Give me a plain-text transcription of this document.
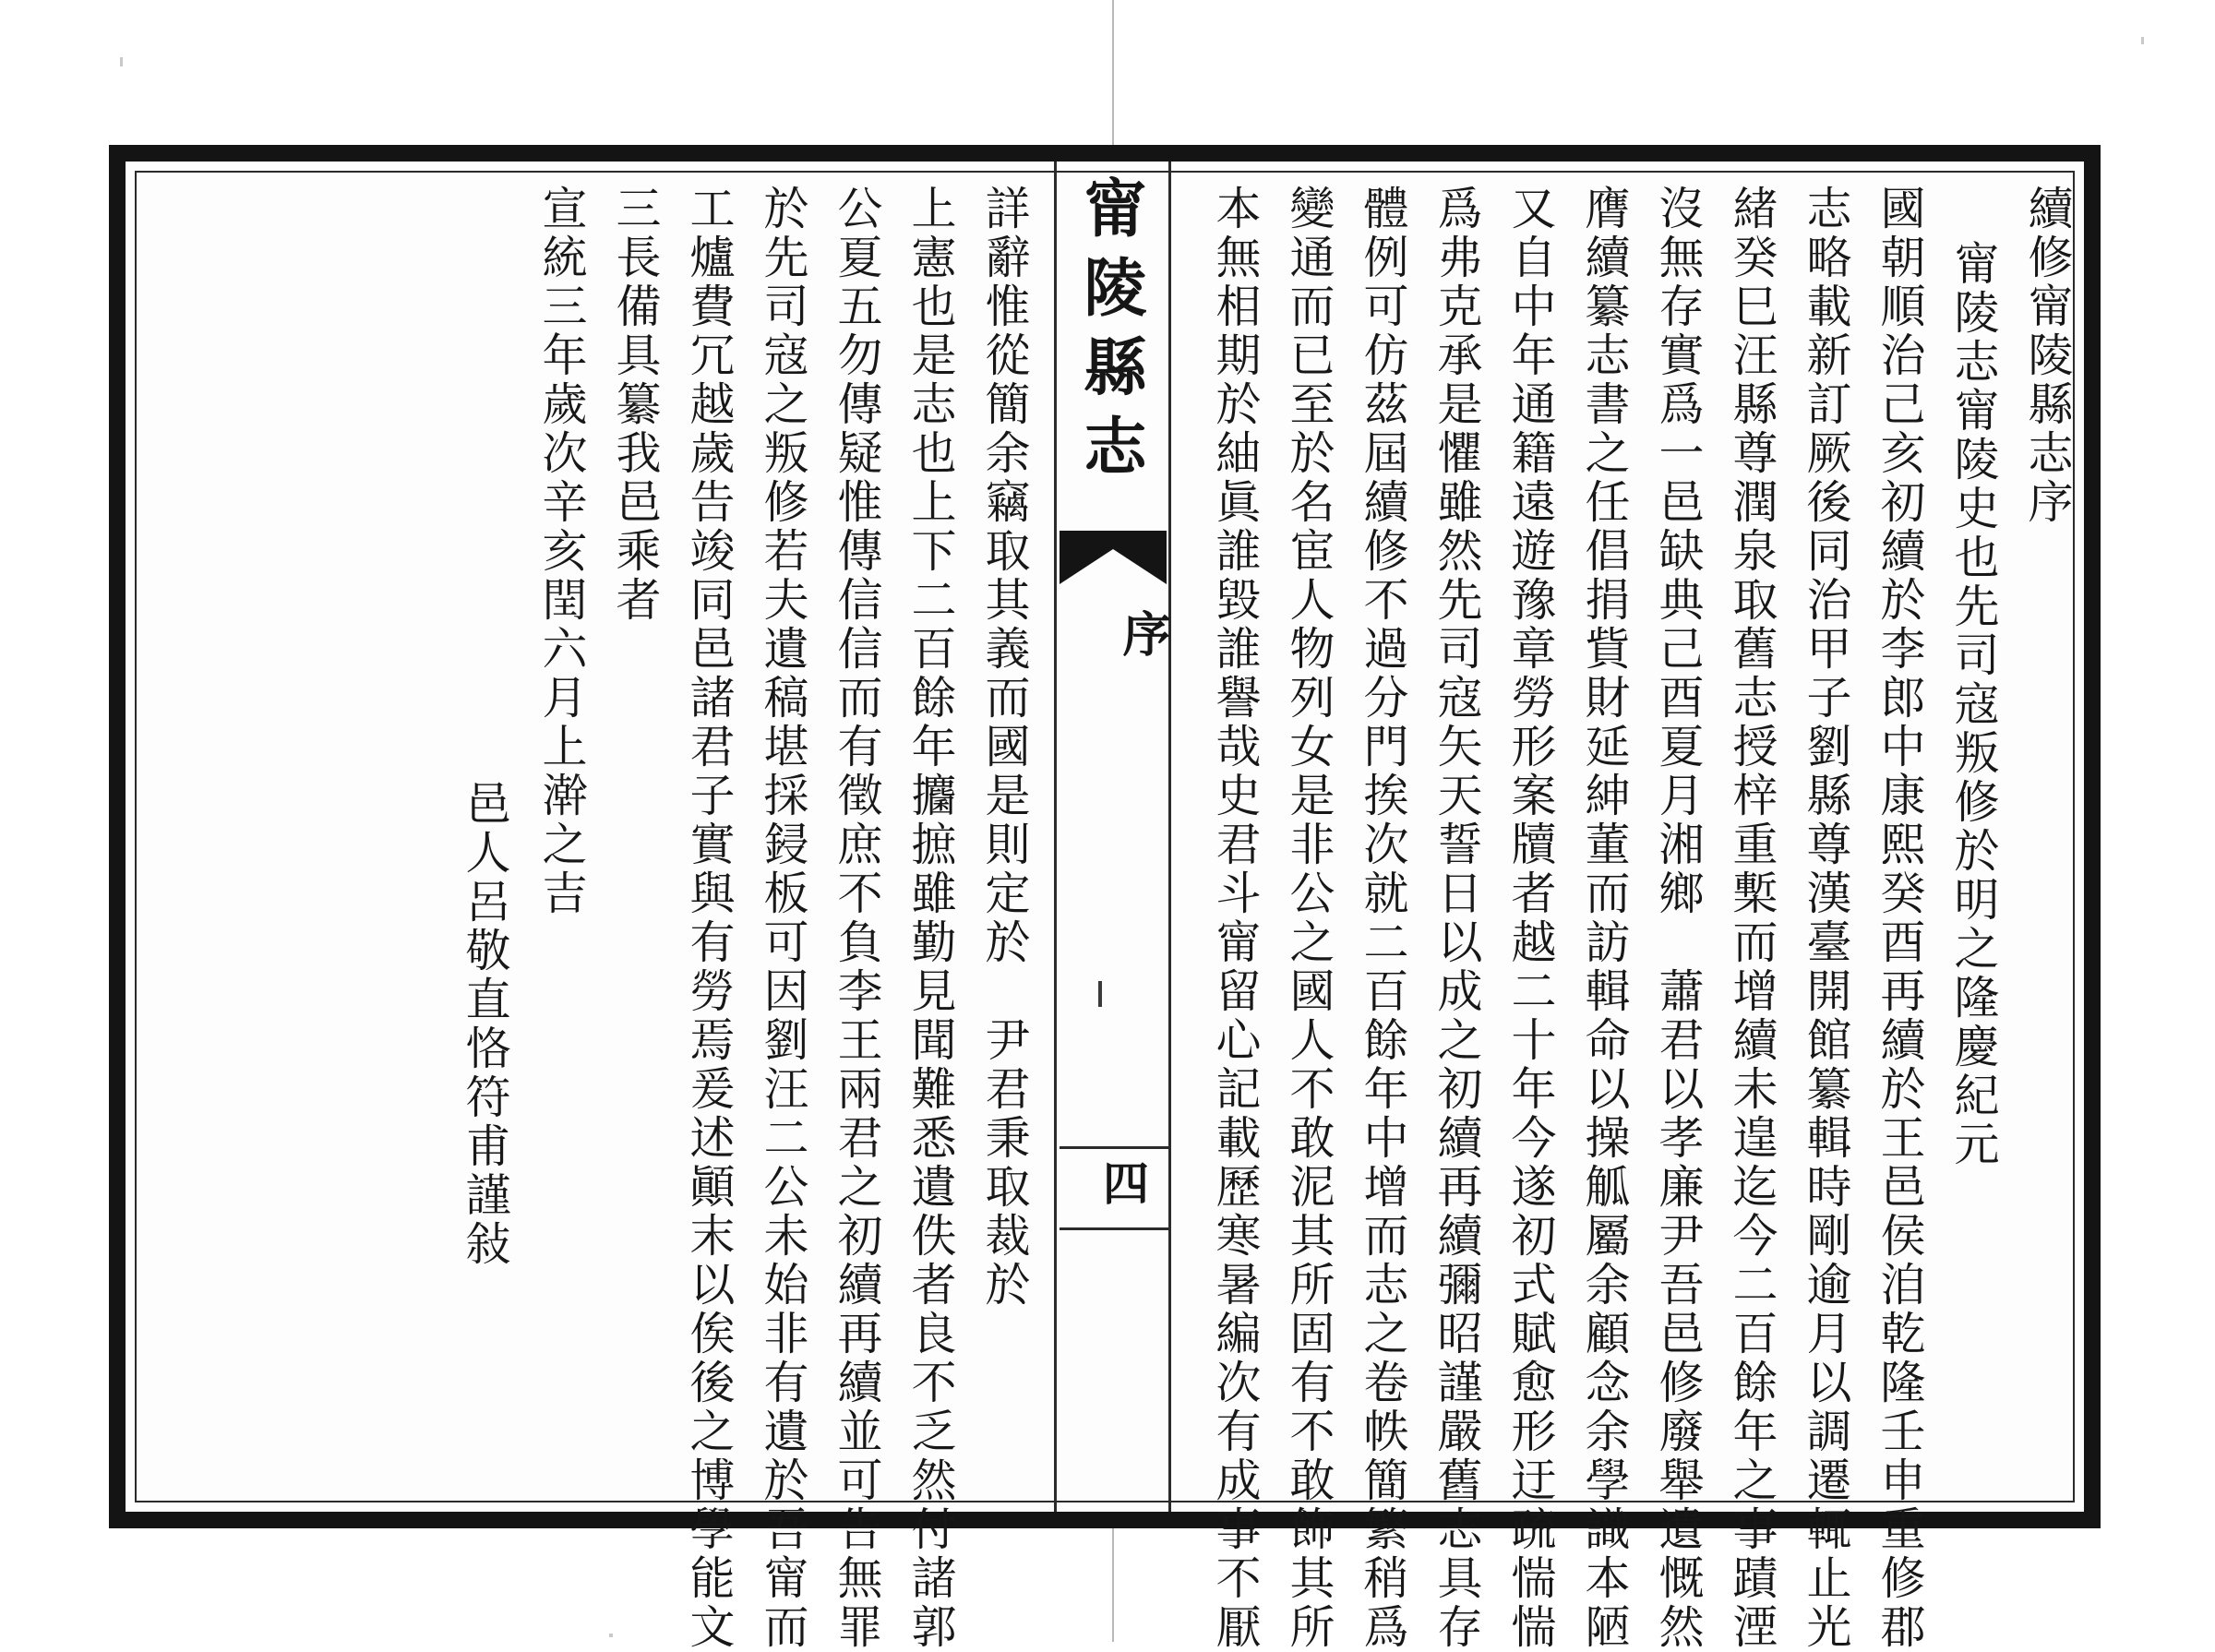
甯陵縣志
序
四
續修甯陵縣志序
甯陵志甯陵史也先司寇叛修於明之隆慶紀元
國朝順治己亥初續於李郎中康熙癸酉再續於王邑侯洎乾隆壬申重修郡
志略載新訂厥後同治甲子劉縣尊漢臺開館纂輯時剛逾月以調遷輒止光
緒癸巳汪縣尊潤泉取舊志授梓重槧而增續未遑迄今二百餘年之事蹟湮
沒無存實爲一邑缺典己酉夏月湘鄉　蕭君以孝廉尹吾邑修廢舉遺慨然
膺續纂志書之任倡捐貲財延紳董而訪輯命以操觚屬余顧念余學識本陋
又自中年通籍遠遊豫章勞形案牘者越二十年今遂初式賦愈形迂疏惴惴
爲弗克承是懼雖然先司寇矢天誓日以成之初續再續彌昭謹嚴舊志具存
體例可仿茲屆續修不過分門挨次就二百餘年中增而志之卷帙簡繁稍爲
變通而已至於名宦人物列女是非公之國人不敢泥其所固有不敢飾其所
本無相期於紬眞誰毀誰譽哉史君斗甯留心記載歷寒暑編次有成事不厭
詳辭惟從簡余竊取其義而國是則定於　尹君秉取裁於
上憲也是志也上下二百餘年攟摭雖勤見聞難悉遺佚者良不乏然付諸郭
公夏五勿傳疑惟傳信信而有徵庶不負李王兩君之初續再續並可告無罪
於先司寇之叛修若夫遺稿堪採鋟板可因劉汪二公未始非有遺於吾甯而
工爐費冗越歲告竣同邑諸君子實與有勞焉爰述顚末以俟後之博學能文
三長備具纂我邑乘者
宣統三年歲次辛亥閏六月上澣之吉
邑人呂敬直恪符甫謹敍
